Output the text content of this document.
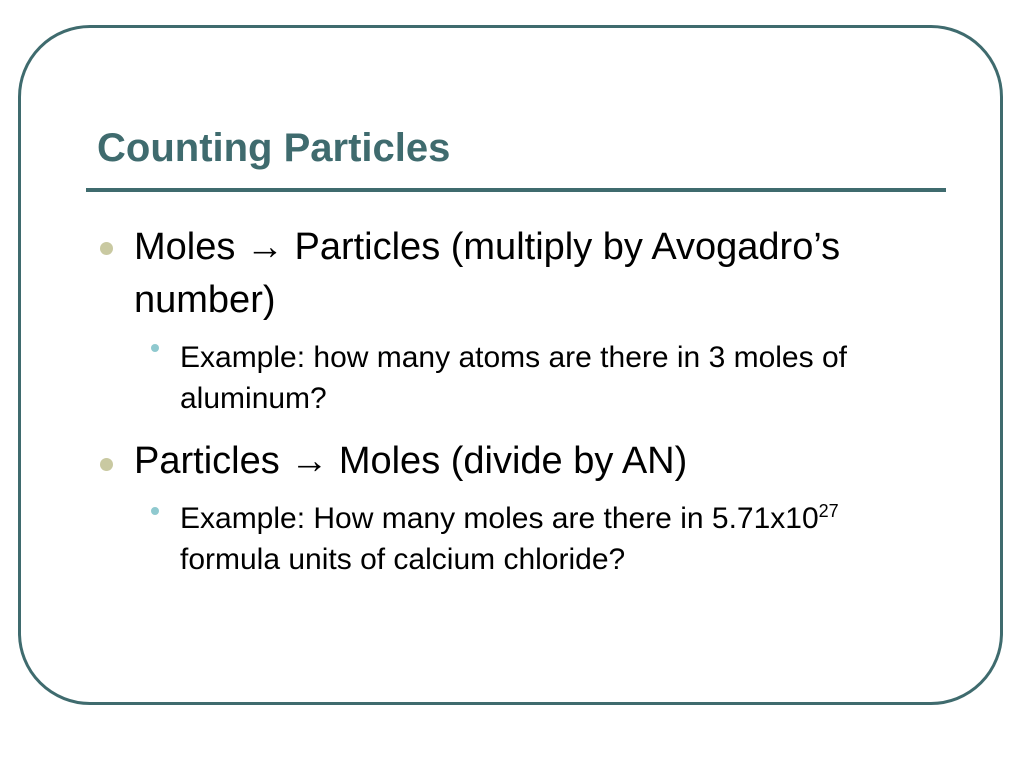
Counting Particles

Moles → Particles (multiply by Avogadro’s number)

Example: how many atoms are there in 3 moles of aluminum?

Particles → Moles (divide by AN)

Example: How many moles are there in $5.71x10^{27}$ formula units of calcium chloride?
